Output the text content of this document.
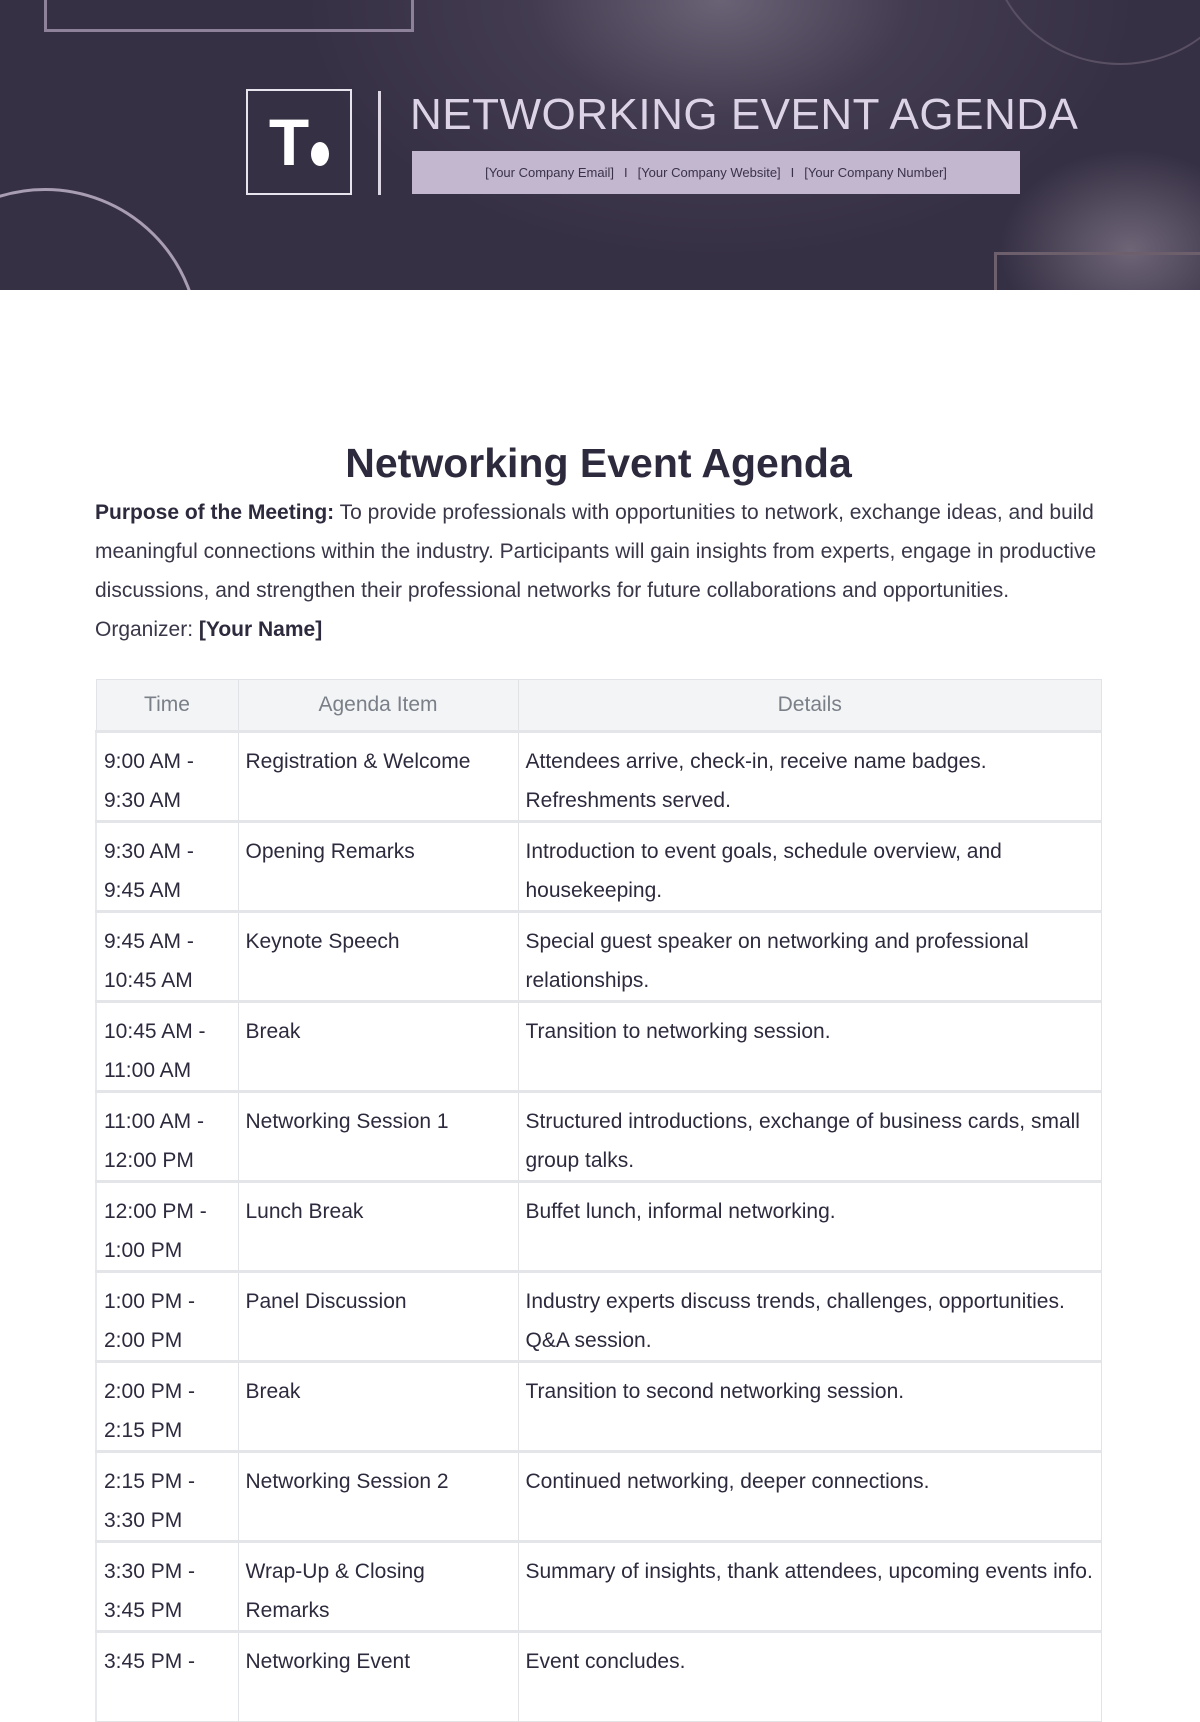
T NETWORKING EVENT AGENDA
[Your Company Email] I [Your Company Website] I [Your Company Number]
Networking Event Agenda

Purpose of the Meeting: To provide professionals with opportunities to network, exchange ideas, and build meaningful connections within the industry. Participants will gain insights from experts, engage in productive discussions, and strengthen their professional networks for future collaborations and opportunities.

Organizer: [Your Name]

Time	Agenda Item	Details
9:00 AM - 9:30 AM	Registration & Welcome	Attendees arrive, check-in, receive name badges. Refreshments served.
9:30 AM - 9:45 AM	Opening Remarks	Introduction to event goals, schedule overview, and housekeeping.
9:45 AM - 10:45 AM	Keynote Speech	Special guest speaker on networking and professional relationships.
10:45 AM - 11:00 AM	Break	Transition to networking session.
11:00 AM - 12:00 PM	Networking Session 1	Structured introductions, exchange of business cards, small group talks.
12:00 PM - 1:00 PM	Lunch Break	Buffet lunch, informal networking.
1:00 PM - 2:00 PM	Panel Discussion	Industry experts discuss trends, challenges, opportunities. Q&A session.
2:00 PM - 2:15 PM	Break	Transition to second networking session.
2:15 PM - 3:30 PM	Networking Session 2	Continued networking, deeper connections.
3:30 PM - 3:45 PM	Wrap-Up & Closing Remarks	Summary of insights, thank attendees, upcoming events info.
3:45 PM -	Networking Event	Event concludes.
